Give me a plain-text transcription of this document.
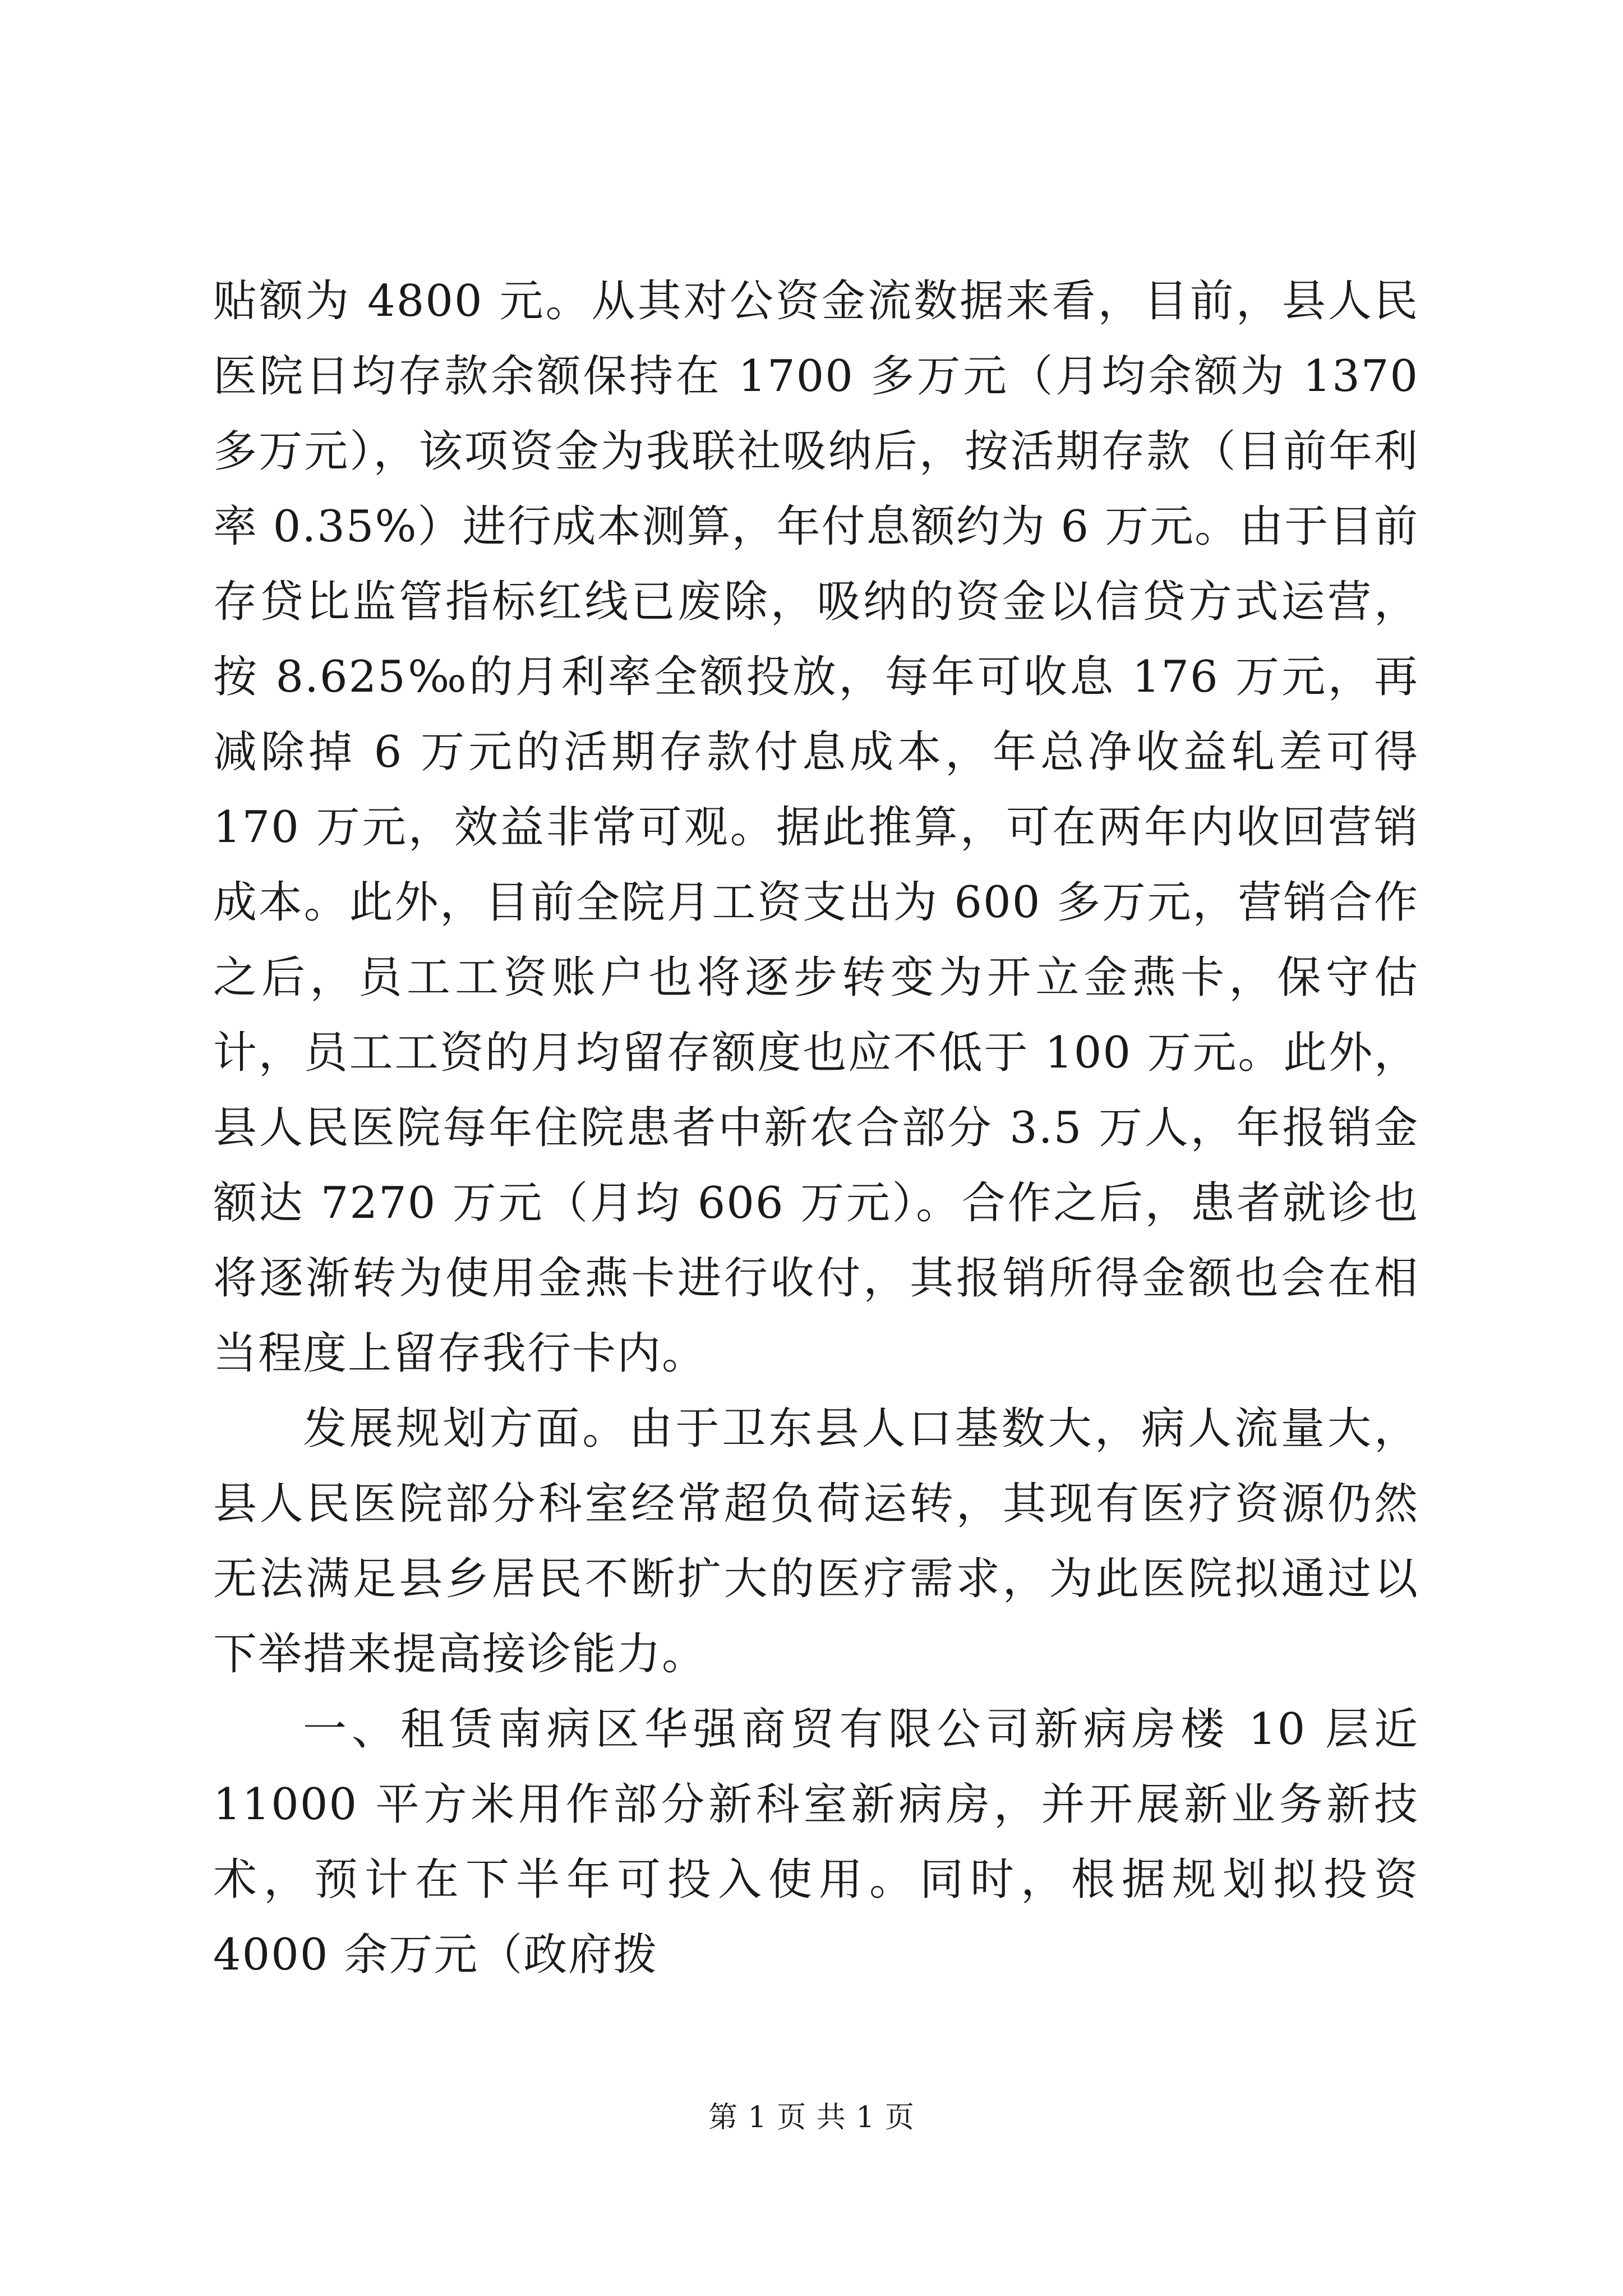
贴额为 4800 元。从其对公资金流数据来看，目前，县人民医院日均存款余额保持在 1700 多万元（月均余额为 1370 多万元），该项资金为我联社吸纳后，按活期存款（目前年利率 0.35%）进行成本测算，年付息额约为 6 万元。由于目前存贷比监管指标红线已废除，吸纳的资金以信贷方式运营，按 8.625‰的月利率全额投放，每年可收息 176 万元，再减除掉 6 万元的活期存款付息成本，年总净收益轧差可得 170 万元，效益非常可观。据此推算，可在两年内收回营销成本。此外，目前全院月工资支出为 600 多万元，营销合作之后，员工工资账户也将逐步转变为开立金燕卡，保守估计，员工工资的月均留存额度也应不低于 100 万元。此外，县人民医院每年住院患者中新农合部分 3.5 万人，年报销金额达 7270 万元（月均 606 万元）。合作之后，患者就诊也将逐渐转为使用金燕卡进行收付，其报销所得金额也会在相当程度上留存我行卡内。

发展规划方面。由于卫东县人口基数大，病人流量大，县人民医院部分科室经常超负荷运转，其现有医疗资源仍然无法满足县乡居民不断扩大的医疗需求，为此医院拟通过以下举措来提高接诊能力。

一、租赁南病区华强商贸有限公司新病房楼 10 层近 11000 平方米用作部分新科室新病房，并开展新业务新技术，预计在下半年可投入使用。同时，根据规划拟投资 4000 余万元（政府拨

第 1 页 共 1 页
